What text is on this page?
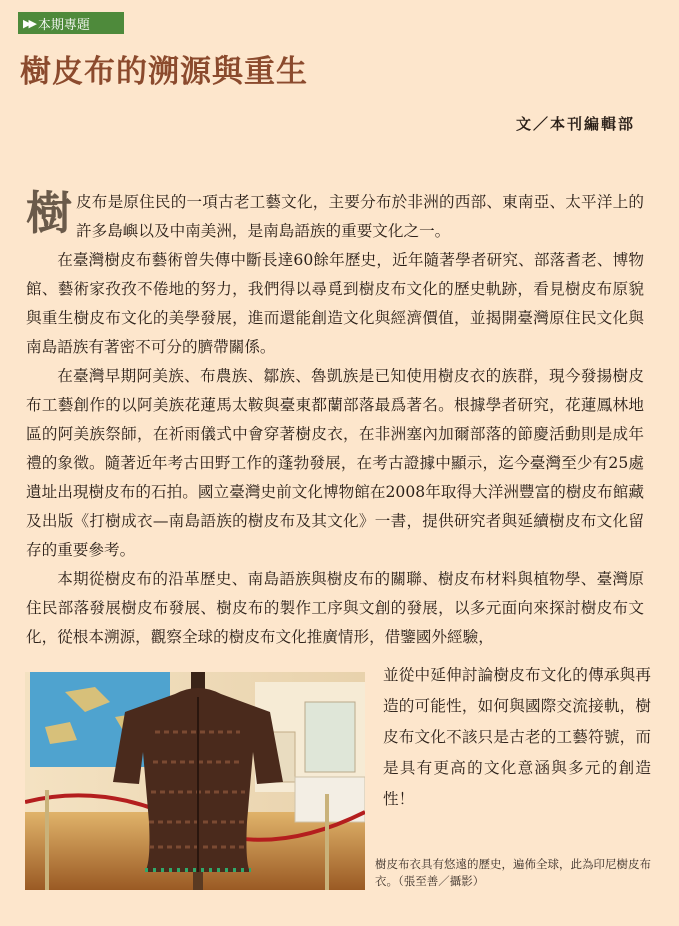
▶▶ 本期專題
樹皮布的溯源與重生
文／本刊編輯部

樹皮布是原住民的一項古老工藝文化，主要分布於非洲的西部、東南亞、太平洋上的許多島嶼以及中南美洲，是南島語族的重要文化之一。

在臺灣樹皮布藝術曾失傳中斷長達60餘年歷史，近年隨著學者研究、部落耆老、博物館、藝術家孜孜不倦地的努力，我們得以尋覓到樹皮布文化的歷史軌跡，看見樹皮布原貌與重生樹皮布文化的美學發展，進而還能創造文化與經濟價值，並揭開臺灣原住民文化與南島語族有著密不可分的臍帶關係。

在臺灣早期阿美族、布農族、鄒族、魯凱族是已知使用樹皮衣的族群，現今發揚樹皮布工藝創作的以阿美族花蓮馬太鞍與臺東都蘭部落最爲著名。根據學者研究，花蓮鳳林地區的阿美族祭師，在祈雨儀式中會穿著樹皮衣，在非洲塞內加爾部落的節慶活動則是成年禮的象徵。隨著近年考古田野工作的蓬勃發展，在考古證據中顯示，迄今臺灣至少有25處遺址出現樹皮布的石拍。國立臺灣史前文化博物館在2008年取得大洋洲豐富的樹皮布館藏及出版《打樹成衣—南島語族的樹皮布及其文化》一書，提供研究者與延續樹皮布文化留存的重要參考。

本期從樹皮布的沿革歷史、南島語族與樹皮布的關聯、樹皮布材料與植物學、臺灣原住民部落發展樹皮布發展、樹皮布的製作工序與文創的發展，以多元面向來探討樹皮布文化，從根本溯源，觀察全球的樹皮布文化推廣情形，借鑒國外經驗，

並從中延伸討論樹皮布文化的傳承與再造的可能性，如何與國際交流接軌，樹皮布文化不該只是古老的工藝符號，而是具有更高的文化意涵與多元的創造性！
樹皮布衣具有悠遠的歷史，遍佈全球，此為印尼樹皮布衣。（張至善／攝影）
